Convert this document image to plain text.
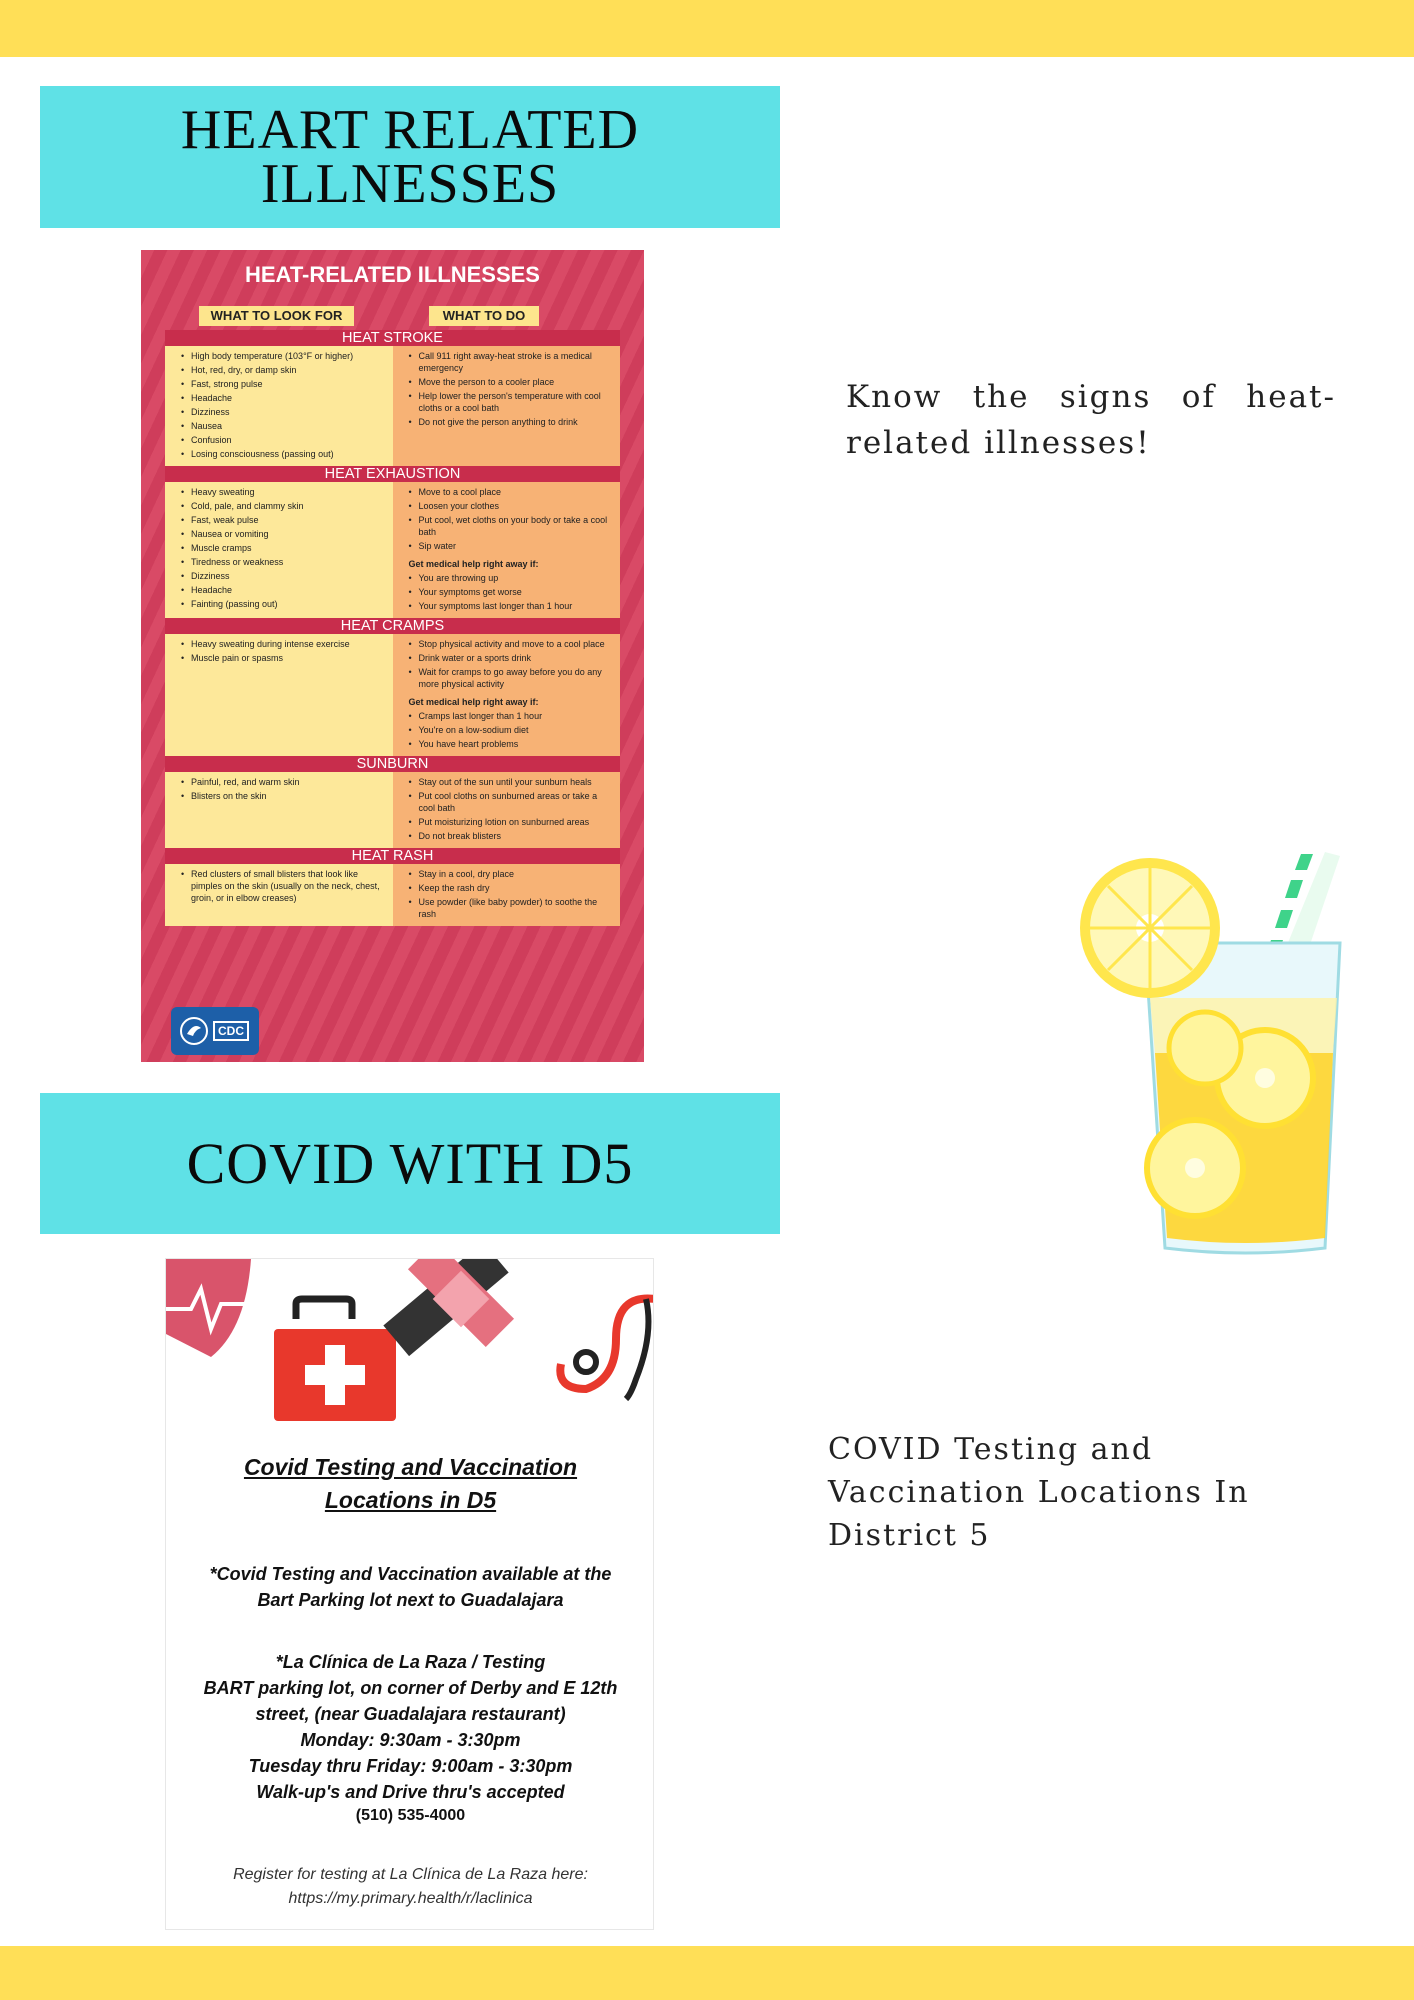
HEART RELATED ILLNESSES
HEAT-RELATED ILLNESSES
WHAT TO LOOK FOR	WHAT TO DO
HEAT STROKE
• High body temperature (103°F or higher)
• Hot, red, dry, or damp skin
• Fast, strong pulse
• Headache
• Dizziness
• Nausea
• Confusion
• Losing consciousness (passing out)
• Call 911 right away-heat stroke is a medical emergency
• Move the person to a cooler place
• Help lower the person's temperature with cool cloths or a cool bath
• Do not give the person anything to drink
HEAT EXHAUSTION
• Heavy sweating
• Cold, pale, and clammy skin
• Fast, weak pulse
• Nausea or vomiting
• Muscle cramps
• Tiredness or weakness
• Dizziness
• Headache
• Fainting (passing out)
• Move to a cool place
• Loosen your clothes
• Put cool, wet cloths on your body or take a cool bath
• Sip water
Get medical help right away if:
• You are throwing up
• Your symptoms get worse
• Your symptoms last longer than 1 hour
HEAT CRAMPS
• Heavy sweating during intense exercise
• Muscle pain or spasms
• Stop physical activity and move to a cool place
• Drink water or a sports drink
• Wait for cramps to go away before you do any more physical activity
Get medical help right away if:
• Cramps last longer than 1 hour
• You're on a low-sodium diet
• You have heart problems
SUNBURN
• Painful, red, and warm skin
• Blisters on the skin
• Stay out of the sun until your sunburn heals
• Put cool cloths on sunburned areas or take a cool bath
• Put moisturizing lotion on sunburned areas
• Do not break blisters
HEAT RASH
• Red clusters of small blisters that look like pimples on the skin (usually on the neck, chest, groin, or in elbow creases)
• Stay in a cool, dry place
• Keep the rash dry
• Use powder (like baby powder) to soothe the rash
CDC
Know the signs of heat-related illnesses!
COVID WITH D5
Covid Testing and Vaccination
Locations in D5
*Covid Testing and Vaccination available at the
Bart Parking lot next to Guadalajara
*La Clínica de La Raza / Testing
BART parking lot, on corner of Derby and E 12th
street, (near Guadalajara restaurant)
Monday: 9:30am - 3:30pm
Tuesday thru Friday: 9:00am - 3:30pm
Walk-up's and Drive thru's accepted
(510) 535-4000
Register for testing at La Clínica de La Raza here:
https://my.primary.health/r/laclinica
COVID Testing and Vaccination Locations In District 5
